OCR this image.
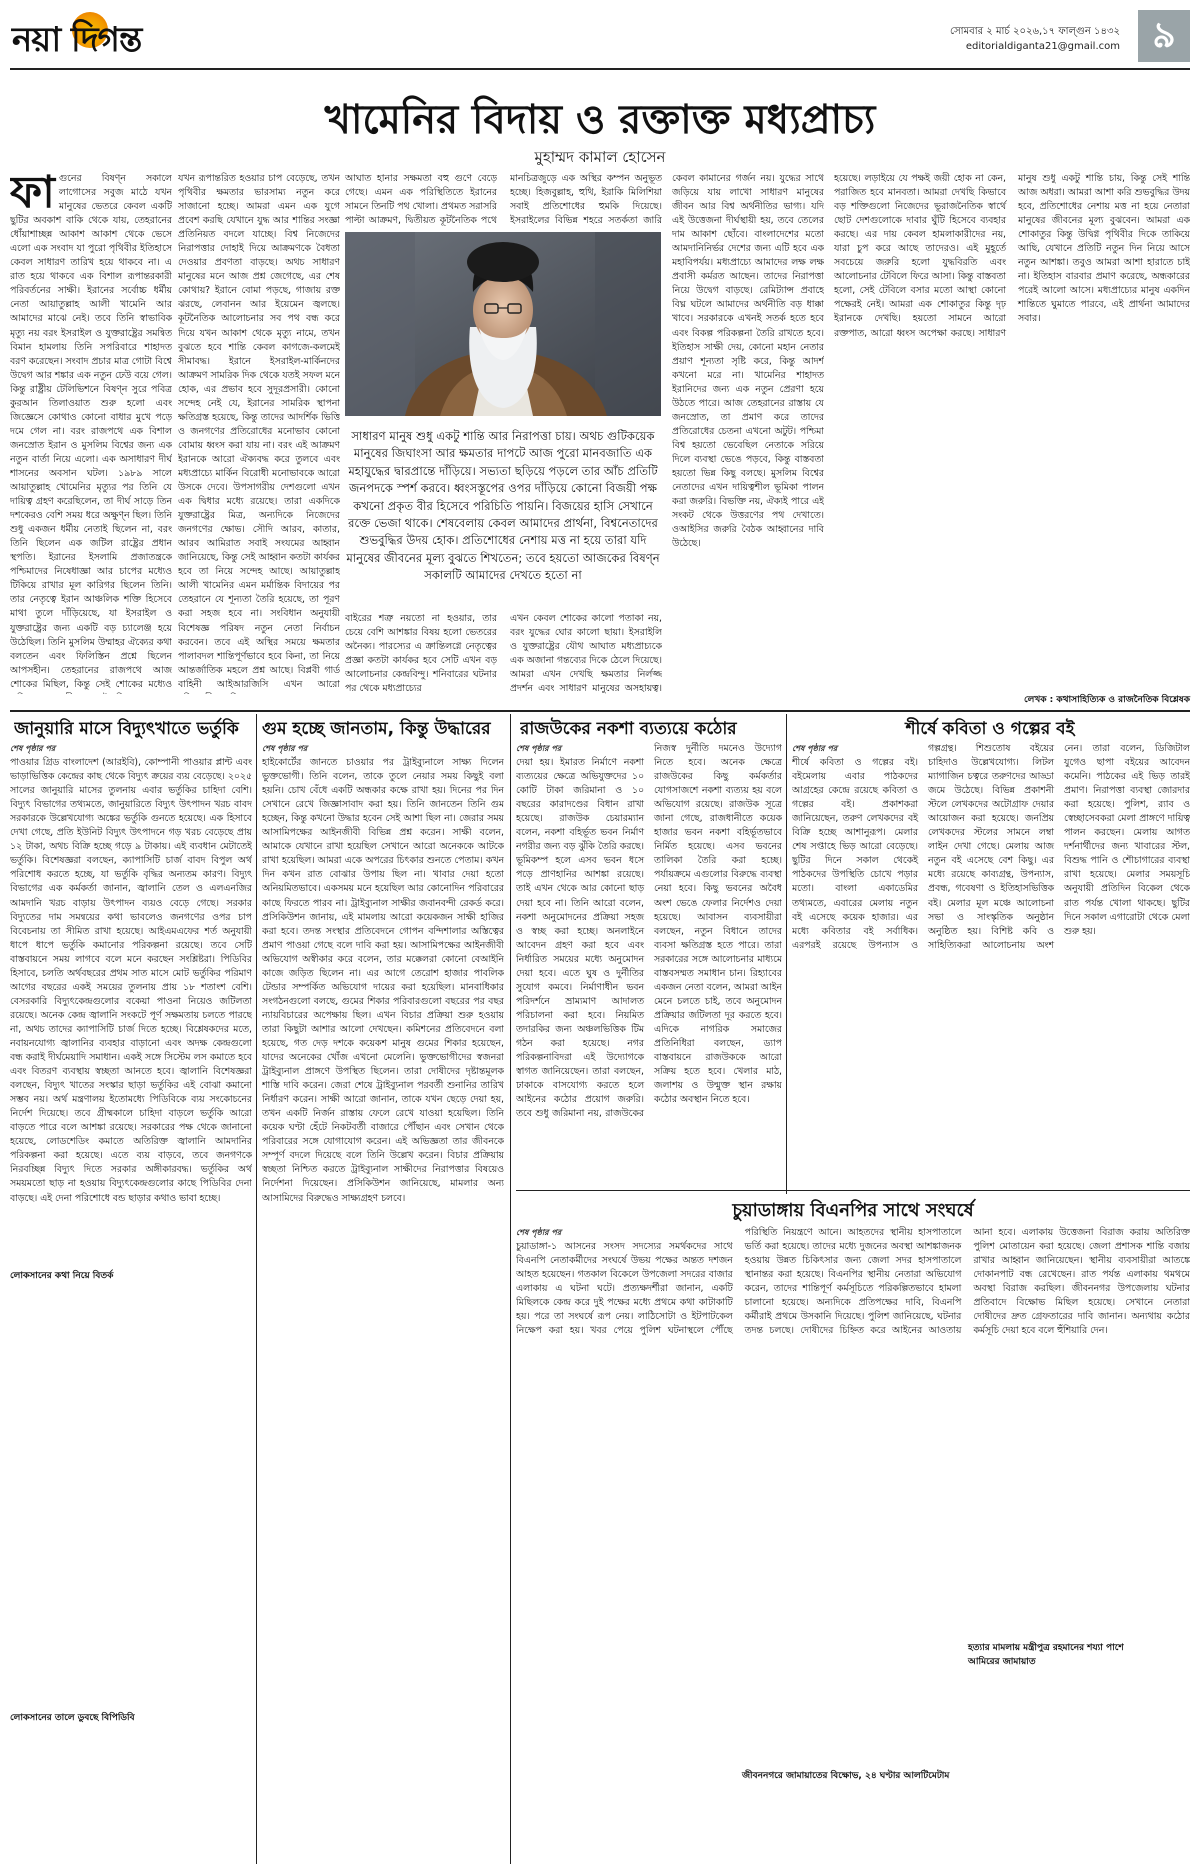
নয়া দিগন্ত	সোমবার ২ মার্চ ২০২৬,১৭ ফাল্গুন ১৪৩২
editorialdiganta21@gmail.com ৯
খামেনির বিদায় ও রক্তাক্ত মধ্যপ্রাচ্য
মুহাম্মদ কামাল হোসেন
ফাগুনের বিষণ্ন সকালে লাগোসের সবুজ মাঠে যখন মানুষের ভেতরে কেবল একটি ছুটির অবকাশ বাকি থেকে যায়, তেহরানের ধোঁয়াশাচ্ছন্ন আকাশ আকাশ থেকে ভেসে এলো এক সংবাদ যা পুরো পৃথিবীর ইতিহাসে কেবল সাধারণ তারিখ হয়ে থাকবে না। এ রাত হয়ে থাকবে এক বিশাল রূপান্তরকারী পরিবর্তনের সাক্ষী। ইরানের সর্বোচ্চ ধর্মীয় নেতা আয়াতুল্লাহ আলী খামেনি আর আমাদের মাঝে নেই। তবে তিনি স্বাভাবিক মৃত্যু নয় বরং ইসরাইল ও যুক্তরাষ্ট্রের সমন্বিত বিমান হামলায় তিনি সপরিবারে শাহাদত বরণ করেছেন। সংবাদ প্রচার মাত্র গোটা বিশ্বে উদ্বেগ আর শঙ্কার এক নতুন ঢেউ বয়ে গেল। কিন্তু রাষ্ট্রীয় টেলিভিশনে বিষণ্ন সুরে পবিত্র কুরআন তিলাওয়াত শুরু হলো এবং জিজ্ঞেসে কোথাও কোনো বাধার মুখে পড়ে দমে গেল না। বরং রাজপথে এক বিশাল জনস্রোত ইরান ও মুসলিম বিশ্বের জন্য এক নতুন বার্তা নিয়ে এলো। এক অসাধারণ দীর্ঘ শাসনের অবসান ঘটল। ১৯৮৯ সালে আয়াতুল্লাহ খোমেনির মৃত্যুর পর তিনি যে দায়িত্ব গ্রহণ করেছিলেন, তা দীর্ঘ সাড়ে তিন দশকেরও বেশি সময় ধরে অক্ষুণ্ন ছিল। তিনি শুধু একজন ধর্মীয় নেতাই ছিলেন না, বরং তিনি ছিলেন এক জটিল রাষ্ট্রের প্রধান স্থপতি। ইরানের ইসলামি প্রজাতন্ত্রকে পশ্চিমাদের নিষেধাজ্ঞা আর চাপের মধ্যেও টিকিয়ে রাখার মূল কারিগর ছিলেন তিনি। তার নেতৃত্বে ইরান আঞ্চলিক শক্তি হিসেবে মাথা তুলে দাঁড়িয়েছে, যা ইসরাইল ও যুক্তরাষ্ট্রের জন্য একটি বড় চ্যালেঞ্জ হয়ে উঠেছিল। তিনি মুসলিম উম্মাহর ঐক্যের কথা বলতেন এবং ফিলিস্তিন প্রশ্নে ছিলেন আপসহীন। তেহরানের রাজপথে আজ শোকের মিছিল, কিন্তু সেই শোকের মধ্যেও
যখন রূপান্তরিত হওয়ার চাপ বেড়েছে, তখন পৃথিবীর ক্ষমতার ভারসাম্য নতুন করে সাজানো হচ্ছে। আমরা এমন এক যুগে প্রবেশ করছি যেখানে যুদ্ধ আর শান্তির সংজ্ঞা প্রতিনিয়ত বদলে যাচ্ছে। বিশ্ব নিজেদের নিরাপত্তার দোহাই দিয়ে আক্রমণকে বৈধতা দেওয়ার প্রবণতা বাড়ছে। অথচ সাধারণ মানুষের মনে আজ প্রশ্ন জেগেছে, এর শেষ কোথায়? ইরানে বোমা পড়ছে, গাজায় রক্ত ঝরছে, লেবানন আর ইয়েমেন জ্বলছে। কূটনৈতিক আলোচনার সব পথ বন্ধ করে দিয়ে যখন আকাশ থেকে মৃত্যু নামে, তখন বুঝতে হবে শান্তি কেবল কাগজে-কলমেই সীমাবদ্ধ। ইরানে ইসরাইল-মার্কিনদের আক্রমণ সামরিক দিক থেকে যতই সফল মনে হোক, এর প্রভাব হবে সুদূরপ্রসারী। কোনো সন্দেহ নেই যে, ইরানের সামরিক স্থাপনা ক্ষতিগ্রস্ত হয়েছে, কিন্তু তাদের আদর্শিক ভিত্তি ও জনগণের প্রতিরোধের মনোভাব কোনো বোমায় ধ্বংস করা যায় না। বরং এই আক্রমণ ইরানকে আরো ঐক্যবদ্ধ করে তুলবে এবং মধ্যপ্রাচ্যে মার্কিন বিরোধী মনোভাবকে আরো উসকে দেবে। উপসাগরীয় দেশগুলো এখন এক দ্বিধার মধ্যে রয়েছে। তারা একদিকে যুক্তরাষ্ট্রের মিত্র, অন্যদিকে নিজেদের জনগণের ক্ষোভ। সৌদি আরব, কাতার, আরব আমিরাত সবাই সংযমের আহ্বান জানিয়েছে, কিন্তু সেই আহ্বান কতটা কার্যকর হবে তা নিয়ে সন্দেহ আছে। আয়াতুল্লাহ আলী খামেনির এমন মর্মান্তিক বিদায়ের পর তেহরানে যে শূন্যতা তৈরি হয়েছে, তা পূরণ করা সহজ হবে না। সংবিধান অনুযায়ী বিশেষজ্ঞ পরিষদ নতুন নেতা নির্বাচন করবেন। তবে এই অস্থির সময়ে ক্ষমতার পালাবদল শান্তিপূর্ণভাবে হবে কিনা, তা নিয়ে আন্তর্জাতিক মহলে প্রশ্ন আছে। বিপ্লবী গার্ড বাহিনী আইআরজিসি এখন আরো
আঘাত হানার সক্ষমতা বহু গুণে বেড়ে গেছে। এমন এক পরিস্থিতিতে ইরানের সামনে তিনটি পথ খোলা। প্রথমত সরাসরি পাল্টা আক্রমণ, দ্বিতীয়ত কূটনৈতিক পথে
মানচিত্রজুড়ে এক অস্থির কম্পন অনুভূত হচ্ছে। হিজবুল্লাহ, হুথি, ইরাকি মিলিশিয়া সবাই প্রতিশোধের হুমকি দিয়েছে। ইসরাইলের বিভিন্ন শহরে সতর্কতা জারি
সাধারণ মানুষ শুধু একটু শান্তি আর নিরাপত্তা চায়। অথচ গুটিকয়েক মানুষের জিঘাংসা আর ক্ষমতার দাপটে আজ পুরো মানবজাতি এক মহাযুদ্ধের দ্বারপ্রান্তে দাঁড়িয়ে। সভ্যতা ছড়িয়ে পড়লে তার আঁচ প্রতিটি জনপদকে স্পর্শ করবে। ধ্বংসস্তূপের ওপর দাঁড়িয়ে কোনো বিজয়ী পক্ষ কখনো প্রকৃত বীর হিসেবে পরিচিতি পায়নি। বিজয়ের হাসি সেখানে রক্তে ভেজা থাকে। শেষবেলায় কেবল আমাদের প্রার্থনা, বিশ্বনেতাদের শুভবুদ্ধির উদয় হোক। প্রতিশোধের নেশায় মত্ত না হয়ে তারা যদি মানুষের জীবনের মূল্য বুঝতে শিখতেন; তবে হয়তো আজকের বিষণ্ন সকালটি আমাদের দেখতে হতো না
বাইরের শত্রু নয়তো না হওয়ার, তার চেয়ে বেশি আশঙ্কার বিষয় হলো ভেতরের অনৈক্য। পারস্যের এ ক্রান্তিলগ্নে নেতৃত্বের প্রজ্ঞা কতটা কার্যকর হবে সেটি এখন বড় আলোচনার কেন্দ্রবিন্দু। শনিবারের ঘটনার পর থেকে মধ্যপ্রাচ্যের
এখন কেবল শোকের কালো পতাকা নয়, বরং যুদ্ধের ঘোর কালো ছায়া। ইসরাইলি ও যুক্তরাষ্ট্রের যৌথ আঘাত মধ্যপ্রাচ্যকে এক অজানা গন্তব্যের দিকে ঠেলে দিয়েছে। আমরা এখন দেখছি ক্ষমতার নির্লজ্জ প্রদর্শন এবং সাধারণ মানুষের অসহায়ত্ব।
কেবল কামানের গর্জন নয়। যুদ্ধের সাথে জড়িয়ে যায় লাখো সাধারণ মানুষের জীবন আর বিশ্ব অর্থনীতির ভাগ্য। যদি এই উত্তেজনা দীর্ঘস্থায়ী হয়, তবে তেলের দাম আকাশ ছোঁবে। বাংলাদেশের মতো আমদানিনির্ভর দেশের জন্য এটি হবে এক মহাবিপর্যয়। মধ্যপ্রাচ্যে আমাদের লক্ষ লক্ষ প্রবাসী কর্মরত আছেন। তাদের নিরাপত্তা নিয়ে উদ্বেগ বাড়ছে। রেমিট্যান্স প্রবাহে বিঘ্ন ঘটলে আমাদের অর্থনীতি বড় ধাক্কা খাবে। সরকারকে এখনই সতর্ক হতে হবে এবং বিকল্প পরিকল্পনা তৈরি রাখতে হবে। ইতিহাস সাক্ষী দেয়, কোনো মহান নেতার প্রয়াণ শূন্যতা সৃষ্টি করে, কিন্তু আদর্শ কখনো মরে না। খামেনির শাহাদত ইরানিদের জন্য এক নতুন প্রেরণা হয়ে উঠতে পারে। আজ তেহরানের রাস্তায় যে জনস্রোত, তা প্রমাণ করে তাদের প্রতিরোধের চেতনা এখনো অটুট। পশ্চিমা বিশ্ব হয়তো ভেবেছিল নেতাকে সরিয়ে দিলে ব্যবস্থা ভেঙে পড়বে, কিন্তু বাস্তবতা হয়তো ভিন্ন কিছু বলছে। মুসলিম বিশ্বের নেতাদের এখন দায়িত্বশীল ভূমিকা পালন করা জরুরি। বিভক্তি নয়, ঐক্যই পারে এই সংকট থেকে উত্তরণের পথ দেখাতে। ওআইসির জরুরি বৈঠক আহ্বানের দাবি উঠেছে।
হয়েছে। লড়াইয়ে যে পক্ষই জয়ী হোক না কেন, পরাজিত হবে মানবতা। আমরা দেখছি কিভাবে বড় শক্তিগুলো নিজেদের ভূরাজনৈতিক স্বার্থে ছোট দেশগুলোকে দাবার ঘুঁটি হিসেবে ব্যবহার করছে। এর দায় কেবল হামলাকারীদের নয়, যারা চুপ করে আছে তাদেরও। এই মুহূর্তে সবচেয়ে জরুরি হলো যুদ্ধবিরতি এবং আলোচনার টেবিলে ফিরে আসা। কিন্তু বাস্তবতা হলো, সেই টেবিলে বসার মতো আস্থা কোনো পক্ষেরই নেই। আমরা এক শোকাতুর কিন্তু দৃঢ় ইরানকে দেখছি। হয়তো সামনে আরো রক্তপাত, আরো ধ্বংস অপেক্ষা করছে। সাধারণ মানুষ শুধু একটু শান্তি চায়, কিন্তু সেই শান্তি আজ অধরা। আমরা আশা করি শুভবুদ্ধির উদয় হবে, প্রতিশোধের নেশায় মত্ত না হয়ে নেতারা মানুষের জীবনের মূল্য বুঝবেন। আমরা এক শোকাতুর কিন্তু উদ্বিগ্ন পৃথিবীর দিকে তাকিয়ে আছি, যেখানে প্রতিটি নতুন দিন নিয়ে আসে নতুন আশঙ্কা। তবুও আমরা আশা হারাতে চাই না। ইতিহাস বারবার প্রমাণ করেছে, অন্ধকারের পরেই আলো আসে। মধ্যপ্রাচ্যের মানুষ একদিন শান্তিতে ঘুমাতে পারবে, এই প্রার্থনা আমাদের সবার।
লেখক : কথাসাহিত্যিক ও রাজনৈতিক বিশ্লেষক
জানুয়ারি মাসে বিদ্যুৎখাতে ভর্তুকি	গুম হচ্ছে জানতাম, কিন্তু উদ্ধারের	রাজউকের নকশা ব্যত্যয়ে কঠোর	শীর্ষে কবিতা ও গল্পের বই
শেষ পৃষ্ঠার পর
পাওয়ার গ্রিড বাংলাদেশ (আরইবি), কোম্পানী পাওয়ার প্লান্ট এবং ভাড়াভিত্তিক কেন্দ্রের কাছ থেকে বিদ্যুৎ ক্রয়ের ব্যয় বেড়েছে। ২০২৫ সালের জানুয়ারি মাসের তুলনায় এবার ভর্তুকির চাহিদা বেশি। বিদ্যুৎ বিভাগের তথ্যমতে, জানুয়ারিতে বিদ্যুৎ উৎপাদন খরচ বাবদ সরকারকে উল্লেখযোগ্য অঙ্কের ভর্তুকি গুনতে হয়েছে। এক হিসাবে দেখা গেছে, প্রতি ইউনিট বিদ্যুৎ উৎপাদনে গড় খরচ বেড়েছে প্রায় ১২ টাকা, অথচ বিক্রি হচ্ছে গড়ে ৯ টাকায়। এই ব্যবধান মেটাতেই ভর্তুকি। বিশেষজ্ঞরা বলছেন, ক্যাপাসিটি চার্জ বাবদ বিপুল অর্থ পরিশোধ করতে হচ্ছে, যা ভর্তুকি বৃদ্ধির অন্যতম কারণ। বিদ্যুৎ বিভাগের এক কর্মকর্তা জানান, জ্বালানি তেল ও এলএনজির আমদানি খরচ বাড়ায় উৎপাদন ব্যয়ও বেড়ে গেছে। সরকার বিদ্যুতের দাম সমন্বয়ের কথা ভাবলেও জনগণের ওপর চাপ বিবেচনায় তা সীমিত রাখা হয়েছে। আইএমএফের শর্ত অনুযায়ী ধাপে ধাপে ভর্তুকি কমানোর পরিকল্পনা রয়েছে। তবে সেটি বাস্তবায়নে সময় লাগবে বলে মনে করছেন সংশ্লিষ্টরা। পিডিবির হিসাবে, চলতি অর্থবছরের প্রথম সাত মাসে মোট ভর্তুকির পরিমাণ আগের বছরের একই সময়ের তুলনায় প্রায় ১৮ শতাংশ বেশি। বেসরকারি বিদ্যুৎকেন্দ্রগুলোর বকেয়া পাওনা নিয়েও জটিলতা রয়েছে। অনেক কেন্দ্র জ্বালানি সংকটে পূর্ণ সক্ষমতায় চলতে পারছে না, অথচ তাদের ক্যাপাসিটি চার্জ দিতে হচ্ছে। বিশ্লেষকদের মতে, নবায়নযোগ্য জ্বালানির ব্যবহার বাড়ানো এবং অদক্ষ কেন্দ্রগুলো বন্ধ করাই দীর্ঘমেয়াদি সমাধান। একই সঙ্গে সিস্টেম লস কমাতে হবে এবং বিতরণ ব্যবস্থায় স্বচ্ছতা আনতে হবে। জ্বালানি বিশেষজ্ঞরা বলছেন, বিদ্যুৎ খাতের সংস্কার ছাড়া ভর্তুকির এই বোঝা কমানো সম্ভব নয়। অর্থ মন্ত্রণালয় ইতোমধ্যে পিডিবিকে ব্যয় সংকোচনের নির্দেশ দিয়েছে। তবে গ্রীষ্মকালে চাহিদা বাড়লে ভর্তুকি আরো বাড়তে পারে বলে আশঙ্কা রয়েছে। সরকারের পক্ষ থেকে জানানো হয়েছে, লোডশেডিং কমাতে অতিরিক্ত জ্বালানি আমদানির পরিকল্পনা করা হয়েছে। এতে ব্যয় বাড়বে, তবে জনগণকে নিরবচ্ছিন্ন বিদ্যুৎ দিতে সরকার অঙ্গীকারবদ্ধ। ভর্তুকির অর্থ সময়মতো ছাড় না হওয়ায় বিদ্যুৎকেন্দ্রগুলোর কাছে পিডিবির দেনা বাড়ছে। এই দেনা পরিশোধে বন্ড ছাড়ার কথাও ভাবা হচ্ছে।
লোকসানের কথা নিয়ে বিতর্ক
লোকসানের তালে ডুবছে বিপিডিবি
শেষ পৃষ্ঠার পর
হাইকোর্টের জানতে চাওয়ার পর ট্রাইব্যুনালে সাক্ষ্য দিলেন ভুক্তভোগী। তিনি বলেন, তাকে তুলে নেয়ার সময় কিছুই বলা হয়নি। চোখ বেঁধে একটি অন্ধকার কক্ষে রাখা হয়। দিনের পর দিন সেখানে রেখে জিজ্ঞাসাবাদ করা হয়। তিনি জানতেন তিনি গুম হচ্ছেন, কিন্তু কখনো উদ্ধার হবেন সেই আশা ছিল না। জেরার সময় আসামিপক্ষের আইনজীবী বিভিন্ন প্রশ্ন করেন। সাক্ষী বলেন, আমাকে যেখানে রাখা হয়েছিল সেখানে আরো অনেককে আটকে রাখা হয়েছিল। আমরা একে অপরের চিৎকার শুনতে পেতাম। কখন দিন কখন রাত বোঝার উপায় ছিল না। খাবার দেয়া হতো অনিয়মিতভাবে। একসময় মনে হয়েছিল আর কোনোদিন পরিবারের কাছে ফিরতে পারব না। ট্রাইব্যুনাল সাক্ষীর জবানবন্দী রেকর্ড করে। প্রসিকিউশন জানায়, এই মামলায় আরো কয়েকজন সাক্ষী হাজির করা হবে। তদন্ত সংস্থার প্রতিবেদনে গোপন বন্দিশালার অস্তিত্বের প্রমাণ পাওয়া গেছে বলে দাবি করা হয়। আসামিপক্ষের আইনজীবী অভিযোগ অস্বীকার করে বলেন, তার মক্কেলরা কোনো বেআইনি কাজে জড়িত ছিলেন না। এর আগে তেরোশ হাজার পাবলিক টেন্ডার সম্পর্কিত অভিযোগ দায়ের করা হয়েছিল। মানবাধিকার সংগঠনগুলো বলছে, গুমের শিকার পরিবারগুলো বছরের পর বছর ন্যায়বিচারের অপেক্ষায় ছিল। এখন বিচার প্রক্রিয়া শুরু হওয়ায় তারা কিছুটা আশার আলো দেখছেন। কমিশনের প্রতিবেদনে বলা হয়েছে, গত দেড় দশকে কয়েকশ মানুষ গুমের শিকার হয়েছেন, যাদের অনেকের খোঁজ এখনো মেলেনি। ভুক্তভোগীদের স্বজনরা ট্রাইব্যুনাল প্রাঙ্গণে উপস্থিত ছিলেন। তারা দোষীদের দৃষ্টান্তমূলক শাস্তি দাবি করেন। জেরা শেষে ট্রাইব্যুনাল পরবর্তী শুনানির তারিখ নির্ধারণ করেন। সাক্ষী আরো জানান, তাকে যখন ছেড়ে দেয়া হয়, তখন একটি নির্জন রাস্তায় ফেলে রেখে যাওয়া হয়েছিল। তিনি কয়েক ঘণ্টা হেঁটে নিকটবর্তী বাজারে পৌঁছান এবং সেখান থেকে পরিবারের সঙ্গে যোগাযোগ করেন। এই অভিজ্ঞতা তার জীবনকে সম্পূর্ণ বদলে দিয়েছে বলে তিনি উল্লেখ করেন। বিচার প্রক্রিয়ায় স্বচ্ছতা নিশ্চিত করতে ট্রাইব্যুনাল সাক্ষীদের নিরাপত্তার বিষয়েও নির্দেশনা দিয়েছেন। প্রসিকিউশন জানিয়েছে, মামলার অন্য আসামিদের বিরুদ্ধেও সাক্ষ্যগ্রহণ চলবে।
শেষ পৃষ্ঠার পর
দেয়া হয়। ইমারত নির্মাণে নকশা ব্যত্যয়ের ক্ষেত্রে অভিযুক্তদের ১০ কোটি টাকা জরিমানা ও ১০ বছরের কারাদণ্ডের বিধান রাখা হয়েছে। রাজউক চেয়ারম্যান বলেন, নকশা বহির্ভূত ভবন নির্মাণ নগরীর জন্য বড় ঝুঁকি তৈরি করছে। ভূমিকম্প হলে এসব ভবন ধসে পড়ে প্রাণহানির আশঙ্কা রয়েছে। তাই এখন থেকে আর কোনো ছাড় দেয়া হবে না। তিনি আরো বলেন, নকশা অনুমোদনের প্রক্রিয়া সহজ ও স্বচ্ছ করা হচ্ছে। অনলাইনে আবেদন গ্রহণ করা হবে এবং নির্ধারিত সময়ের মধ্যে অনুমোদন দেয়া হবে। এতে ঘুষ ও দুর্নীতির সুযোগ কমবে। নির্মাণাধীন ভবন পরিদর্শনে ভ্রাম্যমাণ আদালত পরিচালনা করা হবে। নিয়মিত তদারকির জন্য অঞ্চলভিত্তিক টিম গঠন করা হয়েছে। নগর পরিকল্পনাবিদরা এই উদ্যোগকে স্বাগত জানিয়েছেন। তারা বলছেন, ঢাকাকে বাসযোগ্য করতে হলে আইনের কঠোর প্রয়োগ জরুরি। তবে শুধু জরিমানা নয়, রাজউকের নিজস্ব দুর্নীতি দমনেও উদ্যোগ নিতে হবে। অনেক ক্ষেত্রে রাজউকের কিছু কর্মকর্তার যোগসাজশে নকশা ব্যত্যয় হয় বলে অভিযোগ রয়েছে। রাজউক সূত্রে জানা গেছে, রাজধানীতে কয়েক হাজার ভবন নকশা বহির্ভূতভাবে নির্মিত হয়েছে। এসব ভবনের তালিকা তৈরি করা হচ্ছে। পর্যায়ক্রমে এগুলোর বিরুদ্ধে ব্যবস্থা নেয়া হবে। কিছু ভবনের অবৈধ অংশ ভেঙে ফেলার নির্দেশও দেয়া হয়েছে। আবাসন ব্যবসায়ীরা বলছেন, নতুন বিধানে তাদের ব্যবসা ক্ষতিগ্রস্ত হতে পারে। তারা সরকারের সঙ্গে আলোচনার মাধ্যমে বাস্তবসম্মত সমাধান চান। রিহ্যাবের একজন নেতা বলেন, আমরা আইন মেনে চলতে চাই, তবে অনুমোদন প্রক্রিয়ার জটিলতা দূর করতে হবে। এদিকে নাগরিক সমাজের প্রতিনিধিরা বলছেন, ড্যাপ বাস্তবায়নে রাজউককে আরো সক্রিয় হতে হবে। খেলার মাঠ, জলাশয় ও উন্মুক্ত স্থান রক্ষায় কঠোর অবস্থান নিতে হবে।
শেষ পৃষ্ঠার পর
শীর্ষে কবিতা ও গল্পের বই। বইমেলায় এবার পাঠকদের আগ্রহের কেন্দ্রে রয়েছে কবিতা ও গল্পের বই। প্রকাশকরা জানিয়েছেন, তরুণ লেখকদের বই বিক্রি হচ্ছে আশানুরূপ। মেলার শেষ সপ্তাহে ভিড় আরো বেড়েছে। ছুটির দিনে সকাল থেকেই পাঠকদের উপস্থিতি চোখে পড়ার মতো। বাংলা একাডেমির তথ্যমতে, এবারের মেলায় নতুন বই এসেছে কয়েক হাজার। এর মধ্যে কবিতার বই সর্বাধিক। এরপরই রয়েছে উপন্যাস ও গল্পগ্রন্থ। শিশুতোষ বইয়ের চাহিদাও উল্লেখযোগ্য। লিটল ম্যাগাজিন চত্বরে তরুণদের আড্ডা জমে উঠেছে। বিভিন্ন প্রকাশনী স্টলে লেখকদের অটোগ্রাফ দেয়ার আয়োজন করা হয়েছে। জনপ্রিয় লেখকদের স্টলের সামনে লম্বা লাইন দেখা গেছে। মেলায় আজ নতুন বই এসেছে বেশ কিছু। এর মধ্যে রয়েছে কাব্যগ্রন্থ, উপন্যাস, প্রবন্ধ, গবেষণা ও ইতিহাসভিত্তিক বই। মেলার মূল মঞ্চে আলোচনা সভা ও সাংস্কৃতিক অনুষ্ঠান অনুষ্ঠিত হয়। বিশিষ্ট কবি ও সাহিত্যিকরা আলোচনায় অংশ নেন। তারা বলেন, ডিজিটাল যুগেও ছাপা বইয়ের আবেদন কমেনি। পাঠকের এই ভিড় তারই প্রমাণ। নিরাপত্তা ব্যবস্থা জোরদার করা হয়েছে। পুলিশ, র‍্যাব ও স্বেচ্ছাসেবকরা মেলা প্রাঙ্গণে দায়িত্ব পালন করছেন। মেলায় আগত দর্শনার্থীদের জন্য খাবারের স্টল, বিশুদ্ধ পানি ও শৌচাগারের ব্যবস্থা রাখা হয়েছে। মেলার সময়সূচি অনুযায়ী প্রতিদিন বিকেল থেকে রাত পর্যন্ত খোলা থাকছে। ছুটির দিনে সকাল এগারোটা থেকে মেলা শুরু হয়।
চুয়াডাঙ্গায় বিএনপির সাথে সংঘর্ষে
শেষ পৃষ্ঠার পর
চুয়াডাঙ্গা-১ আসনের সংসদ সদস্যের সমর্থকদের সাথে বিএনপি নেতাকর্মীদের সংঘর্ষে উভয় পক্ষের অন্তত দশজন আহত হয়েছেন। গতকাল বিকেলে উপজেলা সদরের বাজার এলাকায় এ ঘটনা ঘটে। প্রত্যক্ষদর্শীরা জানান, একটি মিছিলকে কেন্দ্র করে দুই পক্ষের মধ্যে প্রথমে কথা কাটাকাটি হয়। পরে তা সংঘর্ষে রূপ নেয়। লাঠিসোটা ও ইটপাটকেল নিক্ষেপ করা হয়। খবর পেয়ে পুলিশ ঘটনাস্থলে পৌঁছে পরিস্থিতি নিয়ন্ত্রণে আনে। আহতদের স্থানীয় হাসপাতালে ভর্তি করা হয়েছে। তাদের মধ্যে দুজনের অবস্থা আশঙ্কাজনক হওয়ায় উন্নত চিকিৎসার জন্য জেলা সদর হাসপাতালে স্থানান্তর করা হয়েছে। বিএনপির স্থানীয় নেতারা অভিযোগ করেন, তাদের শান্তিপূর্ণ কর্মসূচিতে পরিকল্পিতভাবে হামলা চালানো হয়েছে। অন্যদিকে প্রতিপক্ষের দাবি, বিএনপি কর্মীরাই প্রথমে উসকানি দিয়েছে। পুলিশ জানিয়েছে, ঘটনার তদন্ত চলছে। দোষীদের চিহ্নিত করে আইনের আওতায় আনা হবে। এলাকায় উত্তেজনা বিরাজ করায় অতিরিক্ত পুলিশ মোতায়েন করা হয়েছে। জেলা প্রশাসক শান্তি বজায় রাখার আহ্বান জানিয়েছেন। স্থানীয় ব্যবসায়ীরা আতঙ্কে দোকানপাট বন্ধ রেখেছেন। রাত পর্যন্ত এলাকায় থমথমে অবস্থা বিরাজ করছিল। জীবননগর উপজেলায় ঘটনার প্রতিবাদে বিক্ষোভ মিছিল হয়েছে। সেখানে নেতারা দোষীদের দ্রুত গ্রেফতারের দাবি জানান। অন্যথায় কঠোর কর্মসূচি দেয়া হবে বলে হুঁশিয়ারি দেন।
জীবননগরে জামায়াতের বিক্ষোভ, ২৪ ঘণ্টার আলটিমেটাম
হত্যার মামলায় মন্ত্রীপুত্র রহমানের শয্যা পাশে
আমিরের জামায়াত
